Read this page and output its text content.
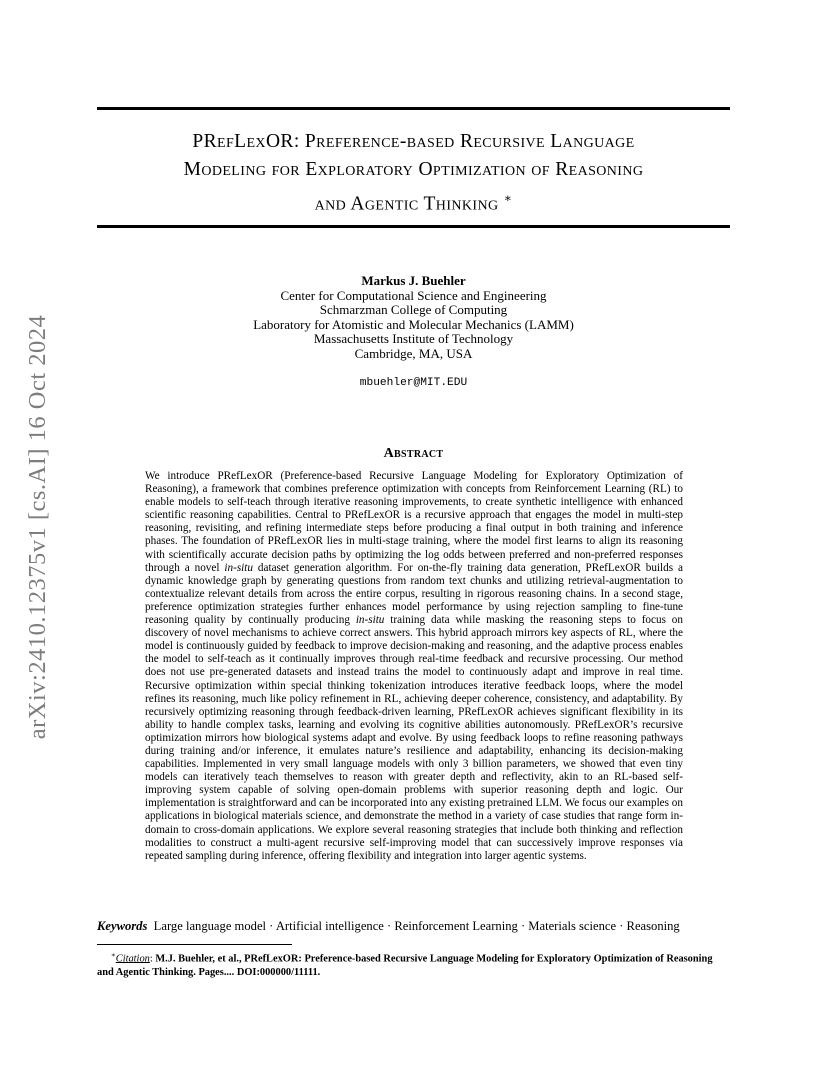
arXiv:2410.12375v1 [cs.AI] 16 Oct 2024
PRefLexOR: Preference-based Recursive Language
Modeling for Exploratory Optimization of Reasoning
and Agentic Thinking ∗
Markus J. Buehler
Center for Computational Science and Engineering
Schmarzman College of Computing
Laboratory for Atomistic and Molecular Mechanics (LAMM)
Massachusetts Institute of Technology
Cambridge, MA, USA
mbuehler@MIT.EDU
Abstract
We introduce PRefLexOR (Preference-based Recursive Language Modeling for Exploratory Optimization of Reasoning), a framework that combines preference optimization with concepts from Reinforcement Learning (RL) to enable models to self-teach through iterative reasoning improvements, to create synthetic intelligence with enhanced scientific reasoning capabilities. Central to PRefLexOR is a recursive approach that engages the model in multi-step reasoning, revisiting, and refining intermediate steps before producing a final output in both training and inference phases. The foundation of PRefLexOR lies in multi-stage training, where the model first learns to align its reasoning with scientifically accurate decision paths by optimizing the log odds between preferred and non-preferred responses through a novel in-situ dataset generation algorithm. For on-the-fly training data generation, PRefLexOR builds a dynamic knowledge graph by generating questions from random text chunks and utilizing retrieval-augmentation to contextualize relevant details from across the entire corpus, resulting in rigorous reasoning chains. In a second stage, preference optimization strategies further enhances model performance by using rejection sampling to fine-tune reasoning quality by continually producing in-situ training data while masking the reasoning steps to focus on discovery of novel mechanisms to achieve correct answers. This hybrid approach mirrors key aspects of RL, where the model is continuously guided by feedback to improve decision-making and reasoning, and the adaptive process enables the model to self-teach as it continually improves through real-time feedback and recursive processing. Our method does not use pre-generated datasets and instead trains the model to continuously adapt and improve in real time. Recursive optimization within special thinking tokenization introduces iterative feedback loops, where the model refines its reasoning, much like policy refinement in RL, achieving deeper coherence, consistency, and adaptability. By recursively optimizing reasoning through feedback-driven learning, PRefLexOR achieves significant flexibility in its ability to handle complex tasks, learning and evolving its cognitive abilities autonomously. PRefLexOR’s recursive optimization mirrors how biological systems adapt and evolve. By using feedback loops to refine reasoning pathways during training and/or inference, it emulates nature’s resilience and adaptability, enhancing its decision-making capabilities. Implemented in very small language models with only 3 billion parameters, we showed that even tiny models can iteratively teach themselves to reason with greater depth and reflectivity, akin to an RL-based self-improving system capable of solving open-domain problems with superior reasoning depth and logic. Our implementation is straightforward and can be incorporated into any existing pretrained LLM. We focus our examples on applications in biological materials science, and demonstrate the method in a variety of case studies that range form in-domain to cross-domain applications. We explore several reasoning strategies that include both thinking and reflection modalities to construct a multi-agent recursive self-improving model that can successively improve responses via repeated sampling during inference, offering flexibility and integration into larger agentic systems.
Keywords Large language model · Artificial intelligence · Reinforcement Learning · Materials science · Reasoning
∗Citation: M.J. Buehler, et al., PRefLexOR: Preference-based Recursive Language Modeling for Exploratory Optimization of Reasoning and Agentic Thinking. Pages.... DOI:000000/11111.
